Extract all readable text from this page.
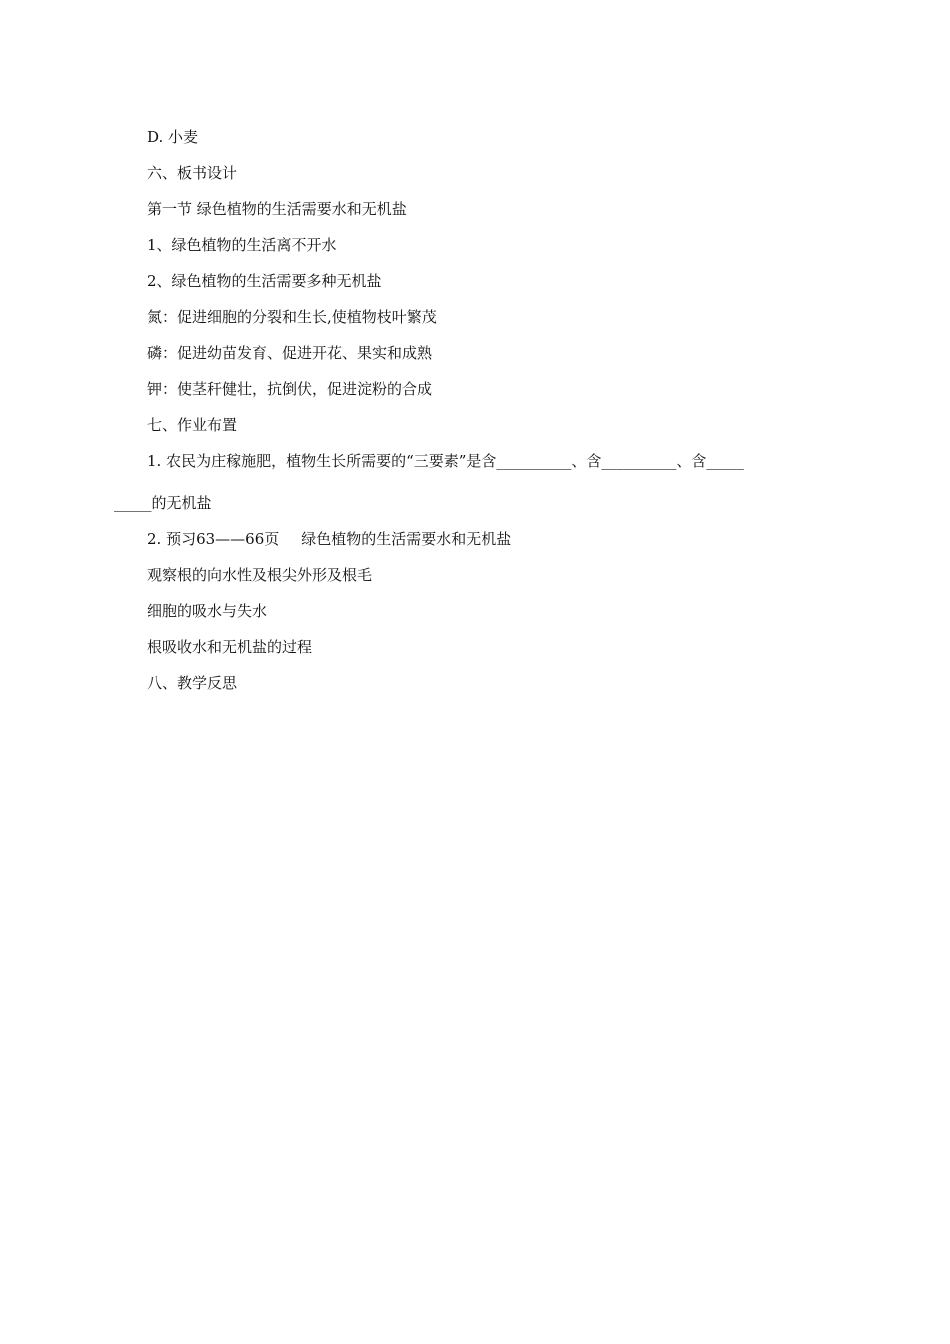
D. 小麦
六、板书设计
第一节 绿色植物的生活需要水和无机盐
1、绿色植物的生活离不开水
2、绿色植物的生活需要多种无机盐
氮：促进细胞的分裂和生长,使植物枝叶繁茂
磷：促进幼苗发育、促进开花、果实和成熟
钾：使茎秆健壮，抗倒伏，促进淀粉的合成
七、作业布置
1. 农民为庄稼施肥，植物生长所需要的“三要素”是含__________、含__________、含_____
_____的无机盐
2. 预习63——66页 绿色植物的生活需要水和无机盐
观察根的向水性及根尖外形及根毛
细胞的吸水与失水
根吸收水和无机盐的过程
八、教学反思
